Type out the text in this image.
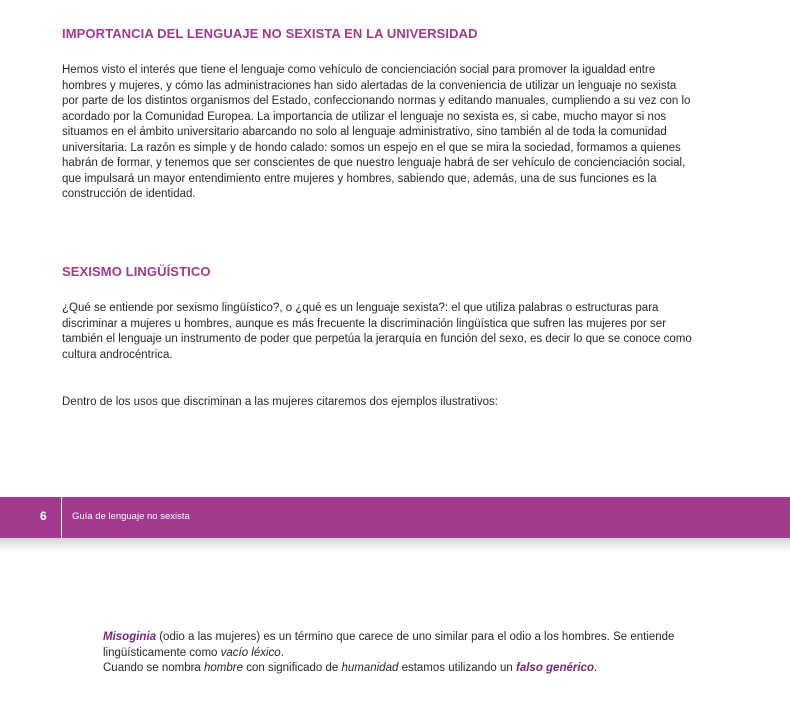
IMPORTANCIA DEL LENGUAJE NO SEXISTA EN LA UNIVERSIDAD

Hemos visto el interés que tiene el lenguaje como vehículo de concienciación social para promover la igualdad entre
hombres y mujeres, y cómo las administraciones han sido alertadas de la conveniencia de utilizar un lenguaje no sexista
por parte de los distintos organismos del Estado, confeccionando normas y editando manuales, cumpliendo a su vez con lo
acordado por la Comunidad Europea. La importancia de utilizar el lenguaje no sexista es, si cabe, mucho mayor si nos
situamos en el ámbito universitario abarcando no solo al lenguaje administrativo, sino también al de toda la comunidad
universitaria. La razón es simple y de hondo calado: somos un espejo en el que se mira la sociedad, formamos a quienes
habrán de formar, y tenemos que ser conscientes de que nuestro lenguaje habrá de ser vehículo de concienciación social,
que impulsará un mayor entendimiento entre mujeres y hombres, sabiendo que, además, una de sus funciones es la
construcción de identidad.

SEXISMO LINGÜÍSTICO

¿Qué se entiende por sexismo lingüístico?, o ¿qué es un lenguaje sexista?: el que utiliza palabras o estructuras para
discriminar a mujeres u hombres, aunque es más frecuente la discriminación lingüística que sufren las mujeres por ser
también el lenguaje un instrumento de poder que perpetúa la jerarquía en función del sexo, es decir lo que se conoce como
cultura androcéntrica.

Dentro de los usos que discriminan a las mujeres citaremos dos ejemplos ilustrativos:

6	Guía de lenguaje no sexista

Misoginia (odio a las mujeres) es un término que carece de uno similar para el odio a los hombres. Se entiende
lingüísticamente como vacío léxico.
Cuando se nombra hombre con significado de humanidad estamos utilizando un falso genérico.
